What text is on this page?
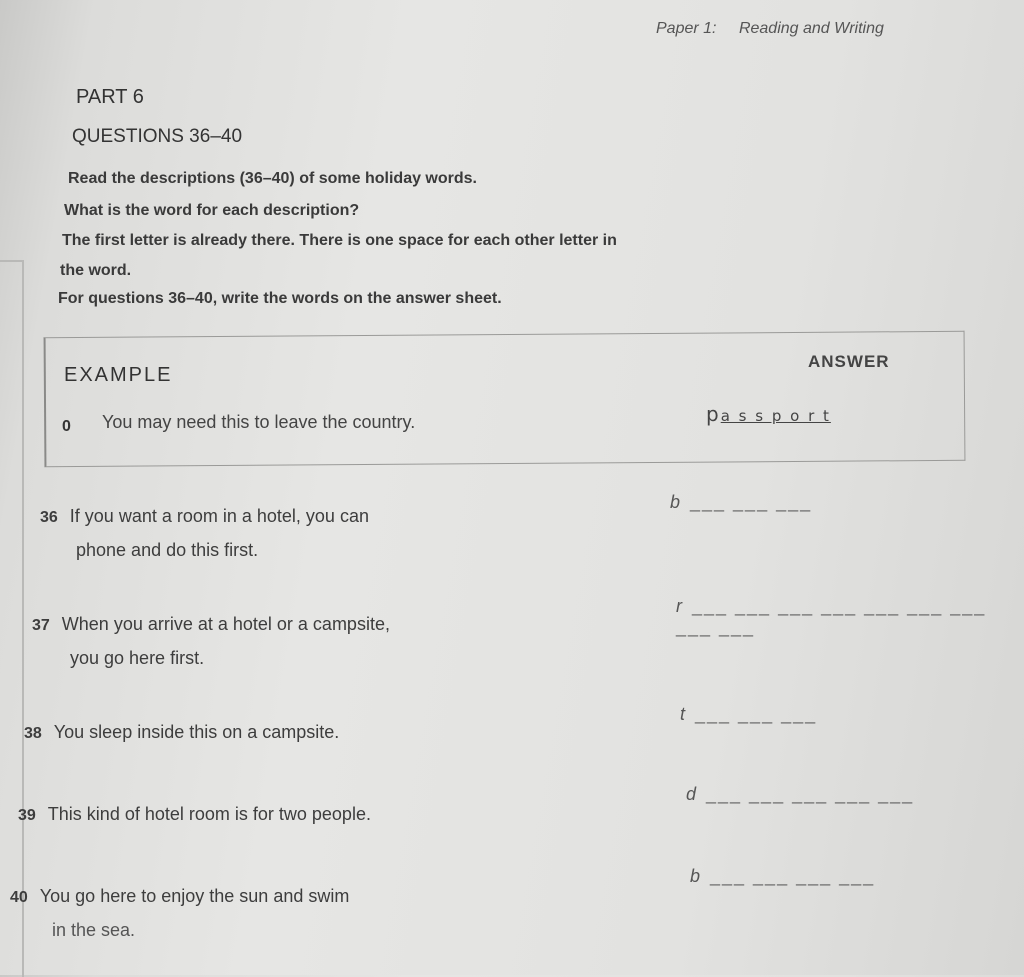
Paper 1: Reading and Writing
PART 6
QUESTIONS 36–40
Read the descriptions (36–40) of some holiday words.
What is the word for each description?
The first letter is already there. There is one space for each other letter in
the word.
For questions 36–40, write the words on the answer sheet.
EXAMPLE
ANSWER
0 You may need this to leave the country.	p a s s p o r t
36 If you want a room in a hotel, you can
phone and do this first.
b ___ ___ ___
37 When you arrive at a hotel or a campsite,
you go here first.
r ___ ___ ___ ___ ___ ___ ___ ___ ___
38 You sleep inside this on a campsite.
t ___ ___ ___
39 This kind of hotel room is for two people.
d ___ ___ ___ ___ ___
40 You go here to enjoy the sun and swim
in the sea.
b ___ ___ ___ ___
